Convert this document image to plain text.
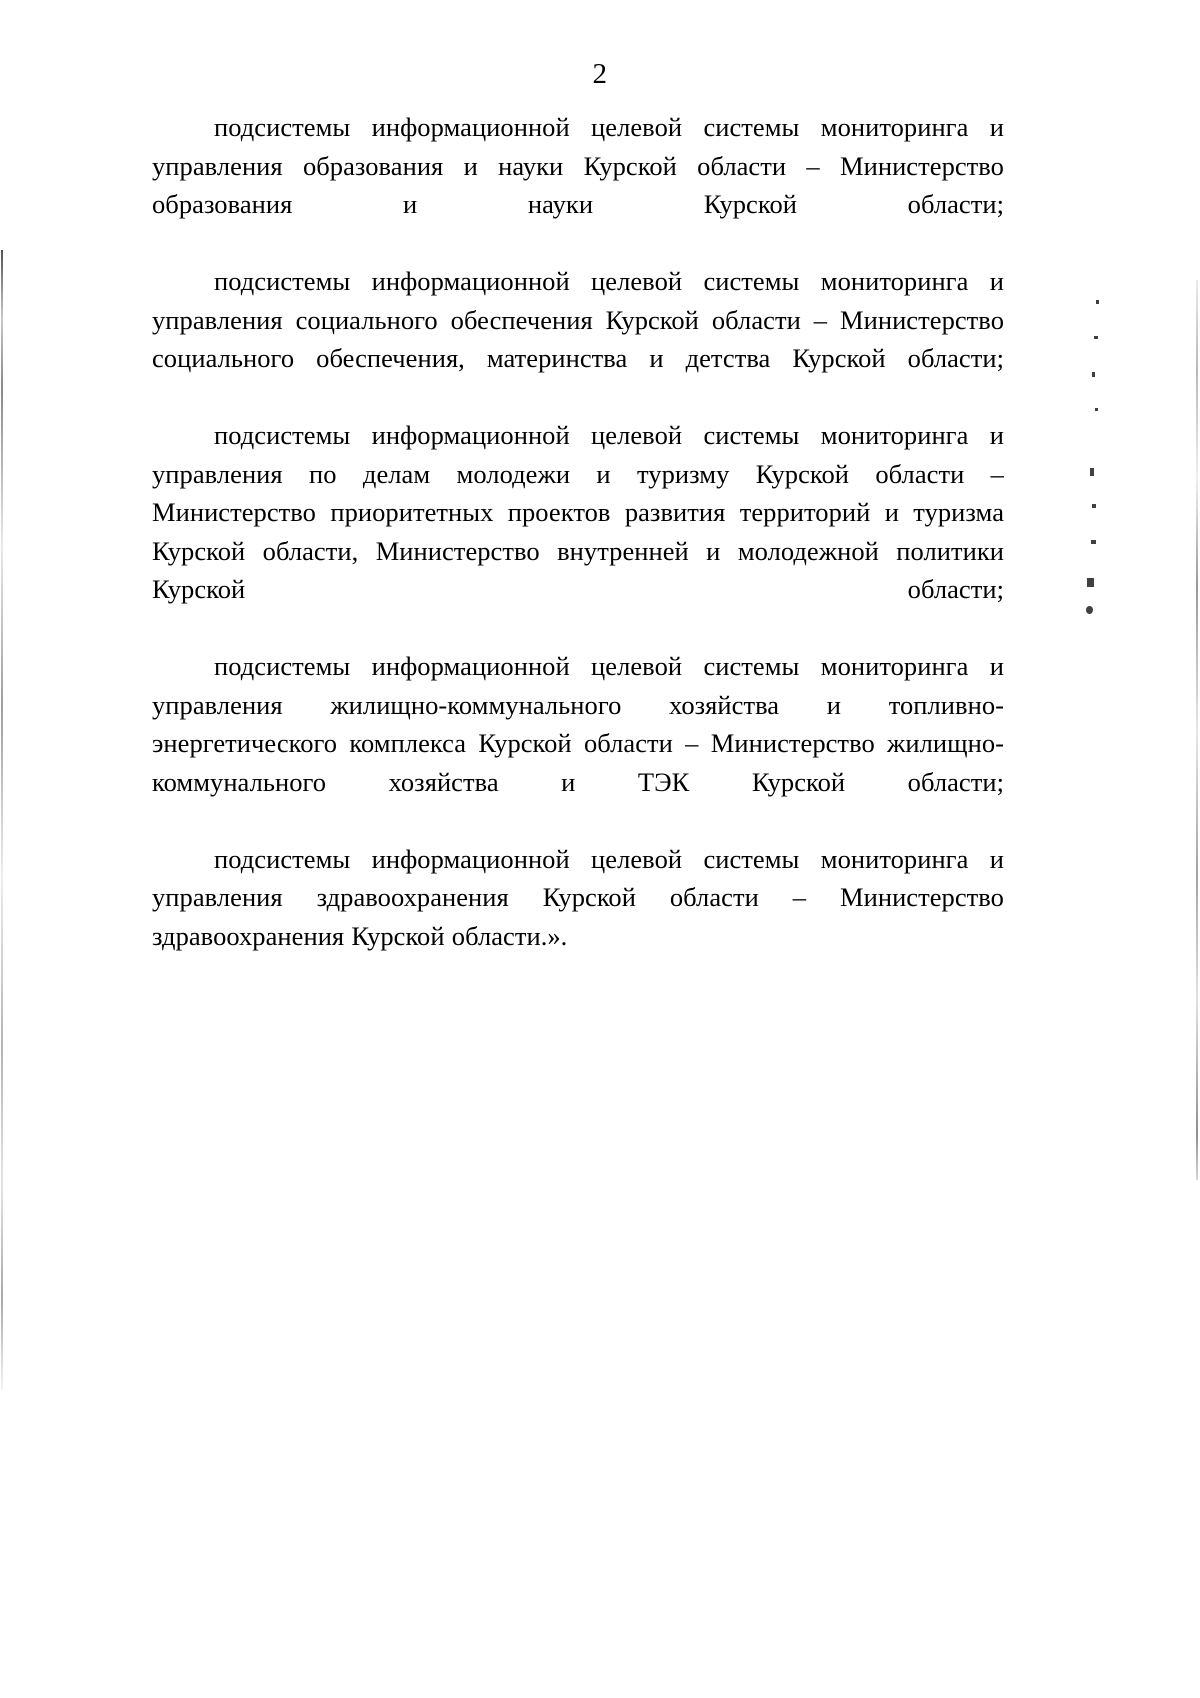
2

подсистемы информационной целевой системы мониторинга и управления образования и науки Курской области – Министерство образования и науки Курской области;

подсистемы информационной целевой системы мониторинга и управления социального обеспечения Курской области – Министерство социального обеспечения, материнства и детства Курской области;

подсистемы информационной целевой системы мониторинга и управления по делам молодежи и туризму Курской области – Министерство приоритетных проектов развития территорий и туризма Курской области, Министерство внутренней и молодежной политики Курской области;

подсистемы информационной целевой системы мониторинга и управления жилищно-коммунального хозяйства и топливно-энергетического комплекса Курской области – Министерство жилищно-коммунального хозяйства и ТЭК Курской области;

подсистемы информационной целевой системы мониторинга и управления здравоохранения Курской области – Министерство здравоохранения Курской области.».
